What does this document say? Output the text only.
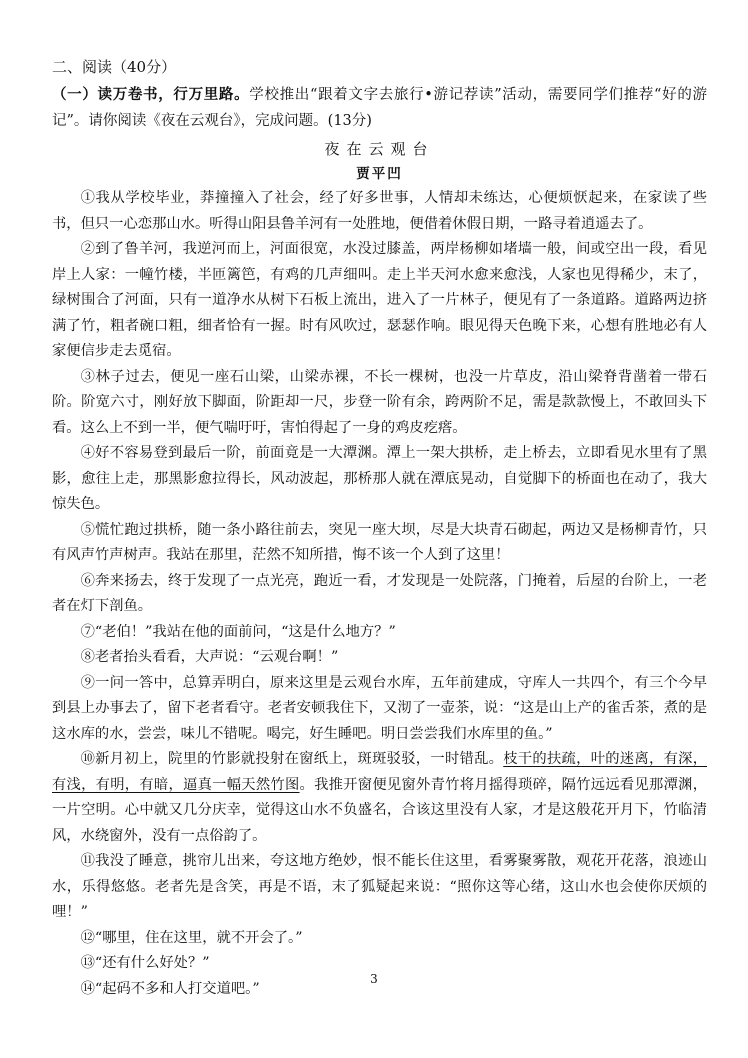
二、阅读（40分）
（一）读万卷书，行万里路。学校推出“跟着文字去旅行•游记荐读”活动，需要同学们推荐“好的游记”。请你阅读《夜在云观台》，完成问题。(13分)
夜在云观台
贾平凹
①我从学校毕业，莽撞撞入了社会，经了好多世事，人情却未练达，心便烦恹起来，在家读了些书，但只一心恋那山水。听得山阳县鲁羊河有一处胜地，便借着休假日期，一路寻着逍遥去了。
②到了鲁羊河，我逆河而上，河面很宽，水没过膝盖，两岸杨柳如堵墙一般，间或空出一段，看见岸上人家：一幢竹楼，半匝篱笆，有鸡的几声细叫。走上半天河水愈来愈浅，人家也见得稀少，末了，绿树围合了河面，只有一道净水从树下石板上流出，进入了一片林子，便见有了一条道路。道路两边挤满了竹，粗者碗口粗，细者恰有一握。时有风吹过，瑟瑟作响。眼见得天色晚下来，心想有胜地必有人家便信步走去觅宿。
③林子过去，便见一座石山梁，山梁赤裸，不长一棵树，也没一片草皮，沿山梁脊背凿着一带石阶。阶宽六寸，刚好放下脚面，阶距却一尺，步登一阶有余，跨两阶不足，需是款款慢上，不敢回头下看。这么上不到一半，便气喘吁吁，害怕得起了一身的鸡皮疙瘩。
④好不容易登到最后一阶，前面竟是一大潭渊。潭上一架大拱桥，走上桥去，立即看见水里有了黑影，愈往上走，那黑影愈拉得长，风动波起，那桥那人就在潭底晃动，自觉脚下的桥面也在动了，我大惊失色。
⑤慌忙跑过拱桥，随一条小路往前去，突见一座大坝，尽是大块青石砌起，两边又是杨柳青竹，只有风声竹声树声。我站在那里，茫然不知所措，悔不该一个人到了这里！
⑥奔来扬去，终于发现了一点光亮，跑近一看，才发现是一处院落，门掩着，后屋的台阶上，一老者在灯下剖鱼。
⑦“老伯！”我站在他的面前问，“这是什么地方？”
⑧老者抬头看看，大声说：“云观台啊！”
⑨一问一答中，总算弄明白，原来这里是云观台水库，五年前建成，守库人一共四个，有三个今早到县上办事去了，留下老者看守。老者安顿我住下，又沏了一壶茶，说：“这是山上产的雀舌茶，煮的是这水库的水，尝尝，味儿不错呢。喝完，好生睡吧。明日尝尝我们水库里的鱼。”
⑩新月初上，院里的竹影就投射在窗纸上，斑斑驳驳，一时错乱。枝干的扶疏，叶的迷离，有深，有浅，有明，有暗，逼真一幅天然竹图。我推开窗便见窗外青竹将月摇得琐碎，隔竹远远看见那潭渊，一片空明。心中就又几分庆幸，觉得这山水不负盛名，合该这里没有人家，才是这般花开月下，竹临清风，水绕窗外，没有一点俗韵了。
⑪我没了睡意，挑帘儿出来，夸这地方绝妙，恨不能长住这里，看雾聚雾散，观花开花落，浪迹山水，乐得悠悠。老者先是含笑，再是不语，末了狐疑起来说：“照你这等心绪，这山水也会使你厌烦的哩！”
⑫“哪里，住在这里，就不开会了。”
⑬“还有什么好处？”
⑭“起码不多和人打交道吧。”
3
